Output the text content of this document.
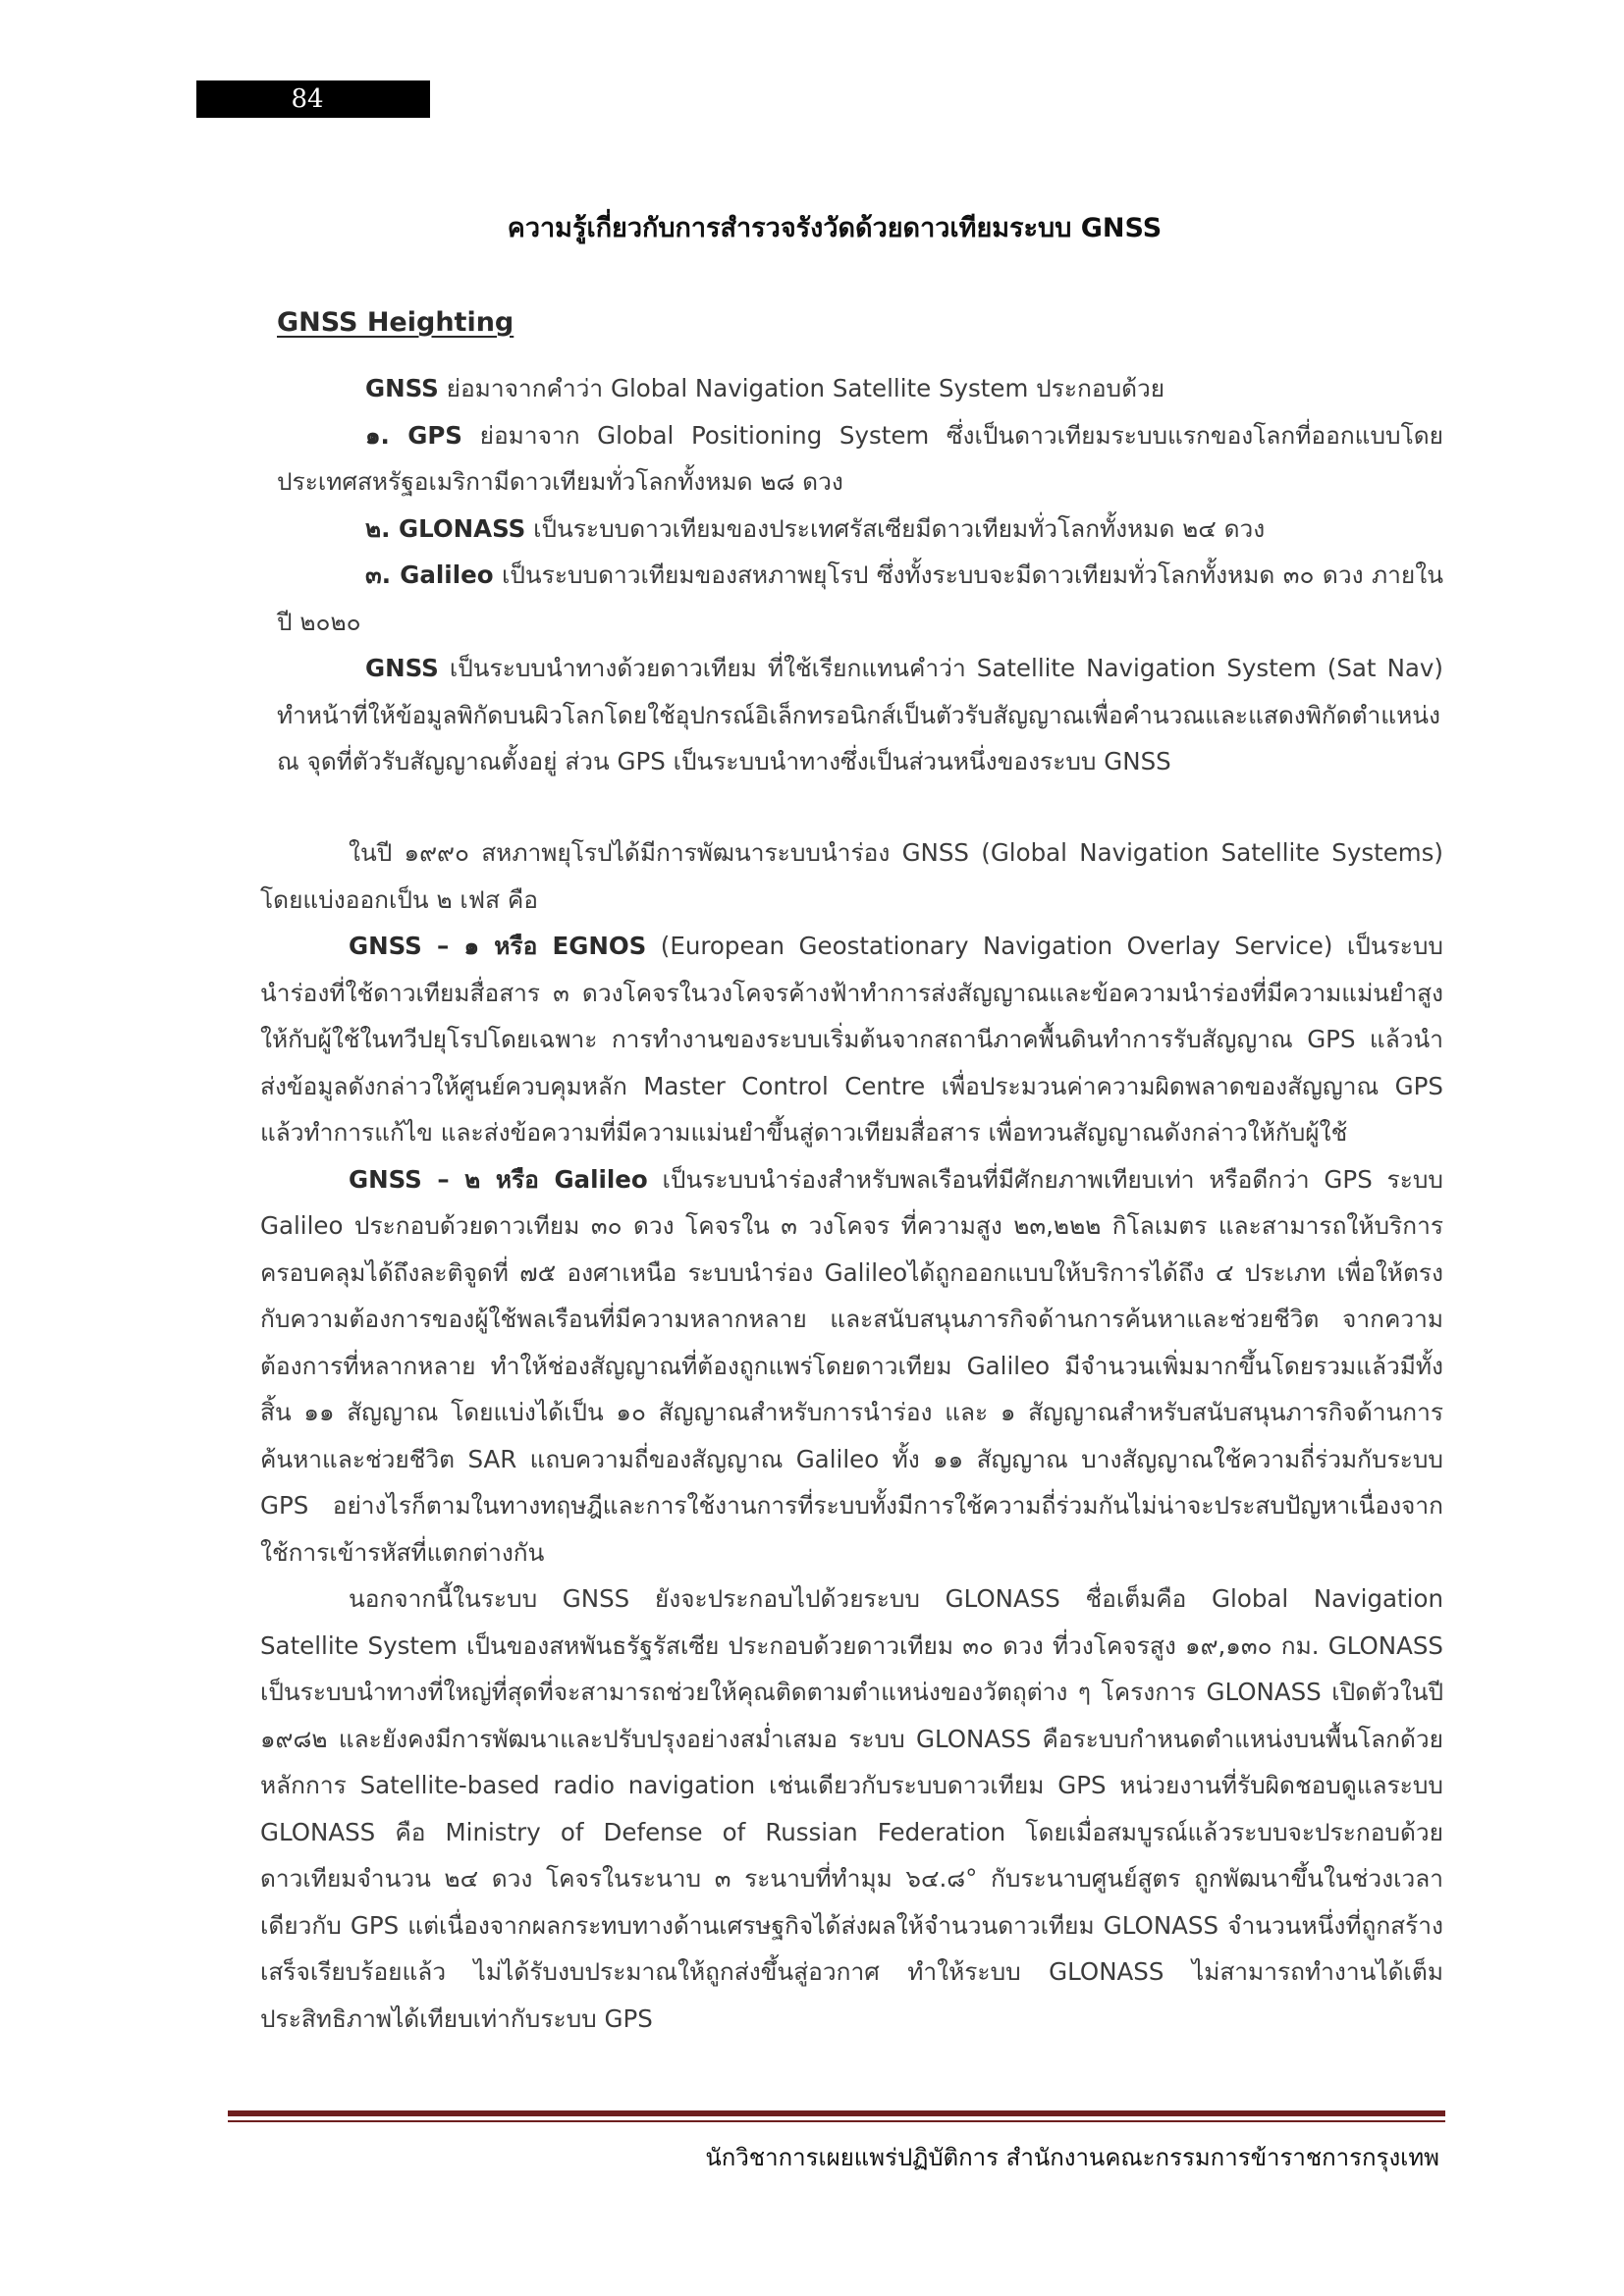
84
ความรู้เกี่ยวกับการสำรวจรังวัดด้วยดาวเทียมระบบ GNSS
GNSS Heighting

GNSS ย่อมาจากคำว่า Global Navigation Satellite System ประกอบด้วย

๑. GPS ย่อมาจาก Global Positioning System ซึ่งเป็นดาวเทียมระบบแรกของโลกที่ออกแบบโดยประเทศสหรัฐอเมริกามีดาวเทียมทั่วโลกทั้งหมด ๒๘ ดวง

๒. GLONASS เป็นระบบดาวเทียมของประเทศรัสเซียมีดาวเทียมทั่วโลกทั้งหมด ๒๔ ดวง

๓. Galileo เป็นระบบดาวเทียมของสหภาพยุโรป ซึ่งทั้งระบบจะมีดาวเทียมทั่วโลกทั้งหมด ๓๐ ดวง ภายในปี ๒๐๒๐

GNSS เป็นระบบนำทางด้วยดาวเทียม ที่ใช้เรียกแทนคำว่า Satellite Navigation System (Sat Nav) ทำหน้าที่ให้ข้อมูลพิกัดบนผิวโลกโดยใช้อุปกรณ์อิเล็กทรอนิกส์เป็นตัวรับสัญญาณเพื่อคำนวณและแสดงพิกัดตำแหน่ง ณ จุดที่ตัวรับสัญญาณตั้งอยู่ ส่วน GPS เป็นระบบนำทางซึ่งเป็นส่วนหนึ่งของระบบ GNSS

ในปี ๑๙๙๐ สหภาพยุโรปได้มีการพัฒนาระบบนำร่อง GNSS (Global Navigation Satellite Systems) โดยแบ่งออกเป็น ๒ เฟส คือ

GNSS – ๑ หรือ EGNOS (European Geostationary Navigation Overlay Service) เป็นระบบนำร่องที่ใช้ดาวเทียมสื่อสาร ๓ ดวงโคจรในวงโคจรค้างฟ้าทำการส่งสัญญาณและข้อความนำร่องที่มีความแม่นยำสูงให้กับผู้ใช้ในทวีปยุโรปโดยเฉพาะ การทำงานของระบบเริ่มต้นจากสถานีภาคพื้นดินทำการรับสัญญาณ GPS แล้วนำส่งข้อมูลดังกล่าวให้ศูนย์ควบคุมหลัก Master Control Centre เพื่อประมวนค่าความผิดพลาดของสัญญาณ GPS แล้วทำการแก้ไข และส่งข้อความที่มีความแม่นยำขึ้นสู่ดาวเทียมสื่อสาร เพื่อทวนสัญญาณดังกล่าวให้กับผู้ใช้

GNSS – ๒ หรือ Galileo เป็นระบบนำร่องสำหรับพลเรือนที่มีศักยภาพเทียบเท่า หรือดีกว่า GPS ระบบ Galileo ประกอบด้วยดาวเทียม ๓๐ ดวง โคจรใน ๓ วงโคจร ที่ความสูง ๒๓,๒๒๒ กิโลเมตร และสามารถให้บริการครอบคลุมได้ถึงละติจูดที่ ๗๕ องศาเหนือ ระบบนำร่อง Galileoได้ถูกออกแบบให้บริการได้ถึง ๔ ประเภท เพื่อให้ตรงกับความต้องการของผู้ใช้พลเรือนที่มีความหลากหลาย และสนับสนุนภารกิจด้านการค้นหาและช่วยชีวิต จากความต้องการที่หลากหลาย ทำให้ช่องสัญญาณที่ต้องถูกแพร่โดยดาวเทียม Galileo มีจำนวนเพิ่มมากขึ้นโดยรวมแล้วมีทั้งสิ้น ๑๑ สัญญาณ โดยแบ่งได้เป็น ๑๐ สัญญาณสำหรับการนำร่อง และ ๑ สัญญาณสำหรับสนับสนุนภารกิจด้านการค้นหาและช่วยชีวิต SAR แถบความถี่ของสัญญาณ Galileo ทั้ง ๑๑ สัญญาณ บางสัญญาณใช้ความถี่ร่วมกับระบบ GPS อย่างไรก็ตามในทางทฤษฎีและการใช้งานการที่ระบบทั้งมีการใช้ความถี่ร่วมกันไม่น่าจะประสบปัญหาเนื่องจากใช้การเข้ารหัสที่แตกต่างกัน

นอกจากนี้ในระบบ GNSS ยังจะประกอบไปด้วยระบบ GLONASS ชื่อเต็มคือ Global Navigation Satellite System เป็นของสหพันธรัฐรัสเซีย ประกอบด้วยดาวเทียม ๓๐ ดวง ที่วงโคจรสูง ๑๙,๑๓๐ กม. GLONASS เป็นระบบนำทางที่ใหญ่ที่สุดที่จะสามารถช่วยให้คุณติดตามตำแหน่งของวัตถุต่าง ๆ โครงการ GLONASS เปิดตัวในปี ๑๙๘๒ และยังคงมีการพัฒนาและปรับปรุงอย่างสม่ำเสมอ ระบบ GLONASS คือระบบกำหนดตำแหน่งบนพื้นโลกด้วยหลักการ Satellite-based radio navigation เช่นเดียวกับระบบดาวเทียม GPS หน่วยงานที่รับผิดชอบดูแลระบบ GLONASS คือ Ministry of Defense of Russian Federation โดยเมื่อสมบูรณ์แล้วระบบจะประกอบด้วยดาวเทียมจำนวน ๒๔ ดวง โคจรในระนาบ ๓ ระนาบที่ทำมุม ๖๔.๘° กับระนาบศูนย์สูตร ถูกพัฒนาขึ้นในช่วงเวลาเดียวกับ GPS แต่เนื่องจากผลกระทบทางด้านเศรษฐกิจได้ส่งผลให้จำนวนดาวเทียม GLONASS จำนวนหนึ่งที่ถูกสร้างเสร็จเรียบร้อยแล้ว ไม่ได้รับงบประมาณให้ถูกส่งขึ้นสู่อวกาศ ทำให้ระบบ GLONASS ไม่สามารถทำงานได้เต็มประสิทธิภาพได้เทียบเท่ากับระบบ GPS

นักวิชาการเผยแพร่ปฏิบัติการ สำนักงานคณะกรรมการข้าราชการกรุงเทพ
